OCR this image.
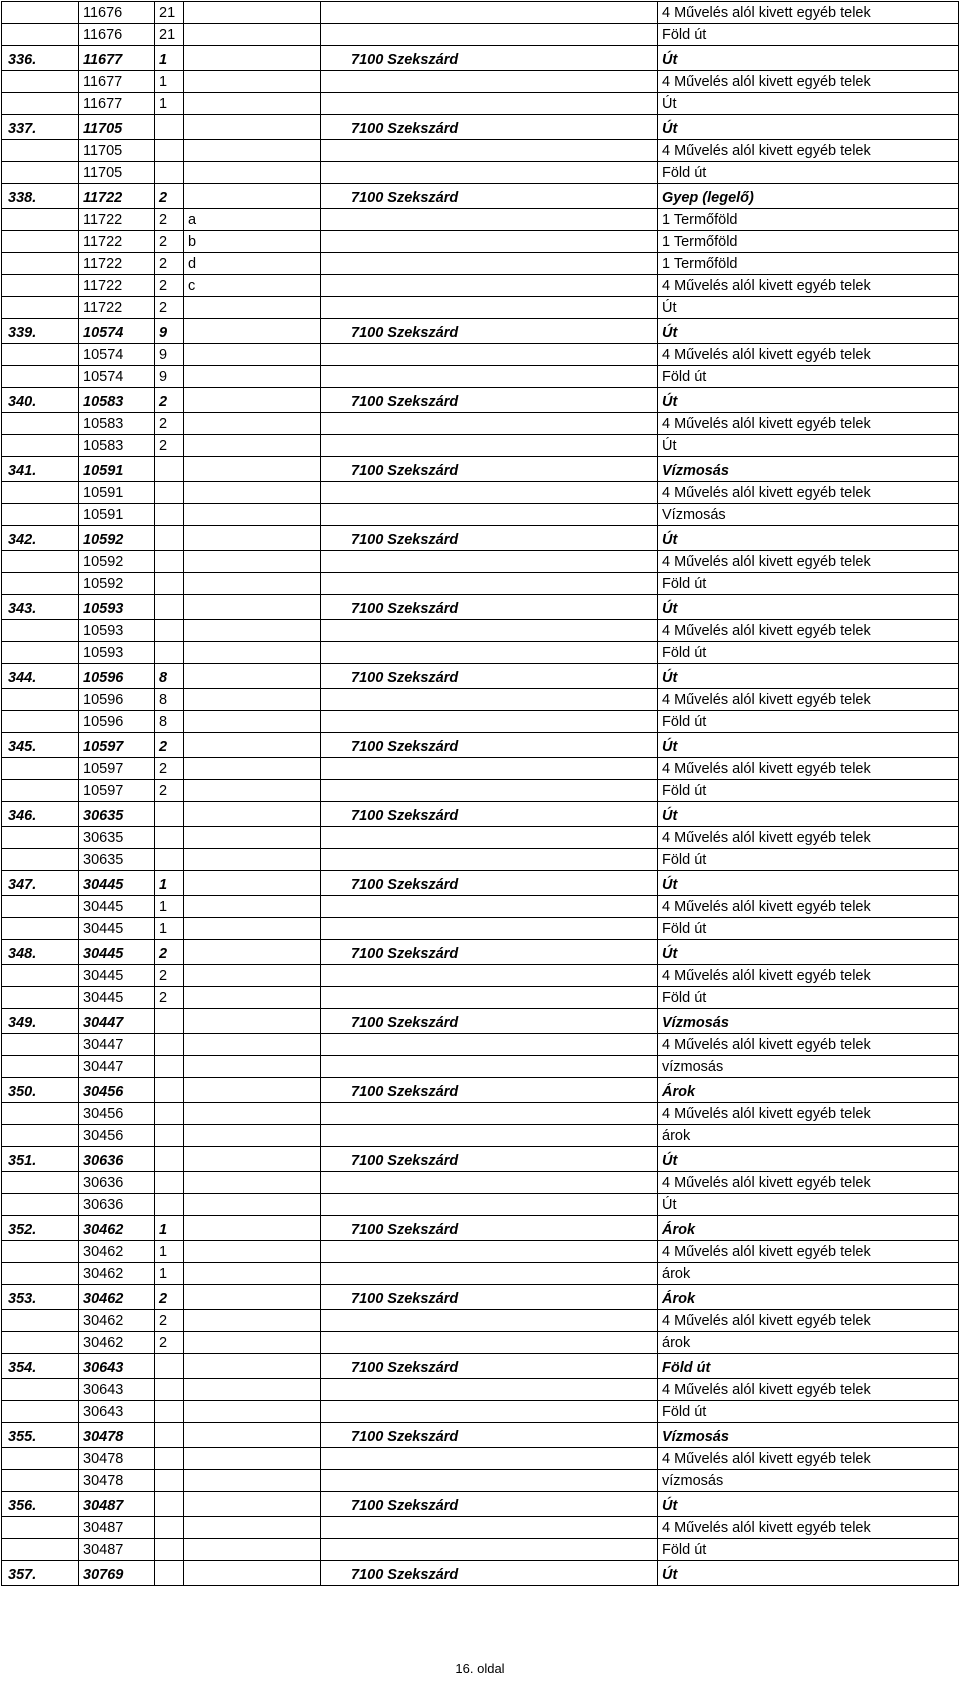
	11676	21			4 Művelés alól kivett egyéb telek
	11676	21			Föld út
336.	11677	1		7100 Szekszárd	Út
	11677	1			4 Művelés alól kivett egyéb telek
	11677	1			Út
337.	11705			7100 Szekszárd	Út
	11705				4 Művelés alól kivett egyéb telek
	11705				Föld út
338.	11722	2		7100 Szekszárd	Gyep (legelő)
	11722	2	a		1 Termőföld
	11722	2	b		1 Termőföld
	11722	2	d		1 Termőföld
	11722	2	c		4 Művelés alól kivett egyéb telek
	11722	2			Út
339.	10574	9		7100 Szekszárd	Út
	10574	9			4 Művelés alól kivett egyéb telek
	10574	9			Föld út
340.	10583	2		7100 Szekszárd	Út
	10583	2			4 Művelés alól kivett egyéb telek
	10583	2			Út
341.	10591			7100 Szekszárd	Vízmosás
	10591				4 Művelés alól kivett egyéb telek
	10591				Vízmosás
342.	10592			7100 Szekszárd	Út
	10592				4 Művelés alól kivett egyéb telek
	10592				Föld út
343.	10593			7100 Szekszárd	Út
	10593				4 Művelés alól kivett egyéb telek
	10593				Föld út
344.	10596	8		7100 Szekszárd	Út
	10596	8			4 Művelés alól kivett egyéb telek
	10596	8			Föld út
345.	10597	2		7100 Szekszárd	Út
	10597	2			4 Művelés alól kivett egyéb telek
	10597	2			Föld út
346.	30635			7100 Szekszárd	Út
	30635				4 Művelés alól kivett egyéb telek
	30635				Föld út
347.	30445	1		7100 Szekszárd	Út
	30445	1			4 Művelés alól kivett egyéb telek
	30445	1			Föld út
348.	30445	2		7100 Szekszárd	Út
	30445	2			4 Művelés alól kivett egyéb telek
	30445	2			Föld út
349.	30447			7100 Szekszárd	Vízmosás
	30447				4 Művelés alól kivett egyéb telek
	30447				vízmosás
350.	30456			7100 Szekszárd	Árok
	30456				4 Művelés alól kivett egyéb telek
	30456				árok
351.	30636			7100 Szekszárd	Út
	30636				4 Művelés alól kivett egyéb telek
	30636				Út
352.	30462	1		7100 Szekszárd	Árok
	30462	1			4 Művelés alól kivett egyéb telek
	30462	1			árok
353.	30462	2		7100 Szekszárd	Árok
	30462	2			4 Művelés alól kivett egyéb telek
	30462	2			árok
354.	30643			7100 Szekszárd	Föld út
	30643				4 Művelés alól kivett egyéb telek
	30643				Föld út
355.	30478			7100 Szekszárd	Vízmosás
	30478				4 Művelés alól kivett egyéb telek
	30478				vízmosás
356.	30487			7100 Szekszárd	Út
	30487				4 Művelés alól kivett egyéb telek
	30487				Föld út
357.	30769			7100 Szekszárd	Út
16. oldal
